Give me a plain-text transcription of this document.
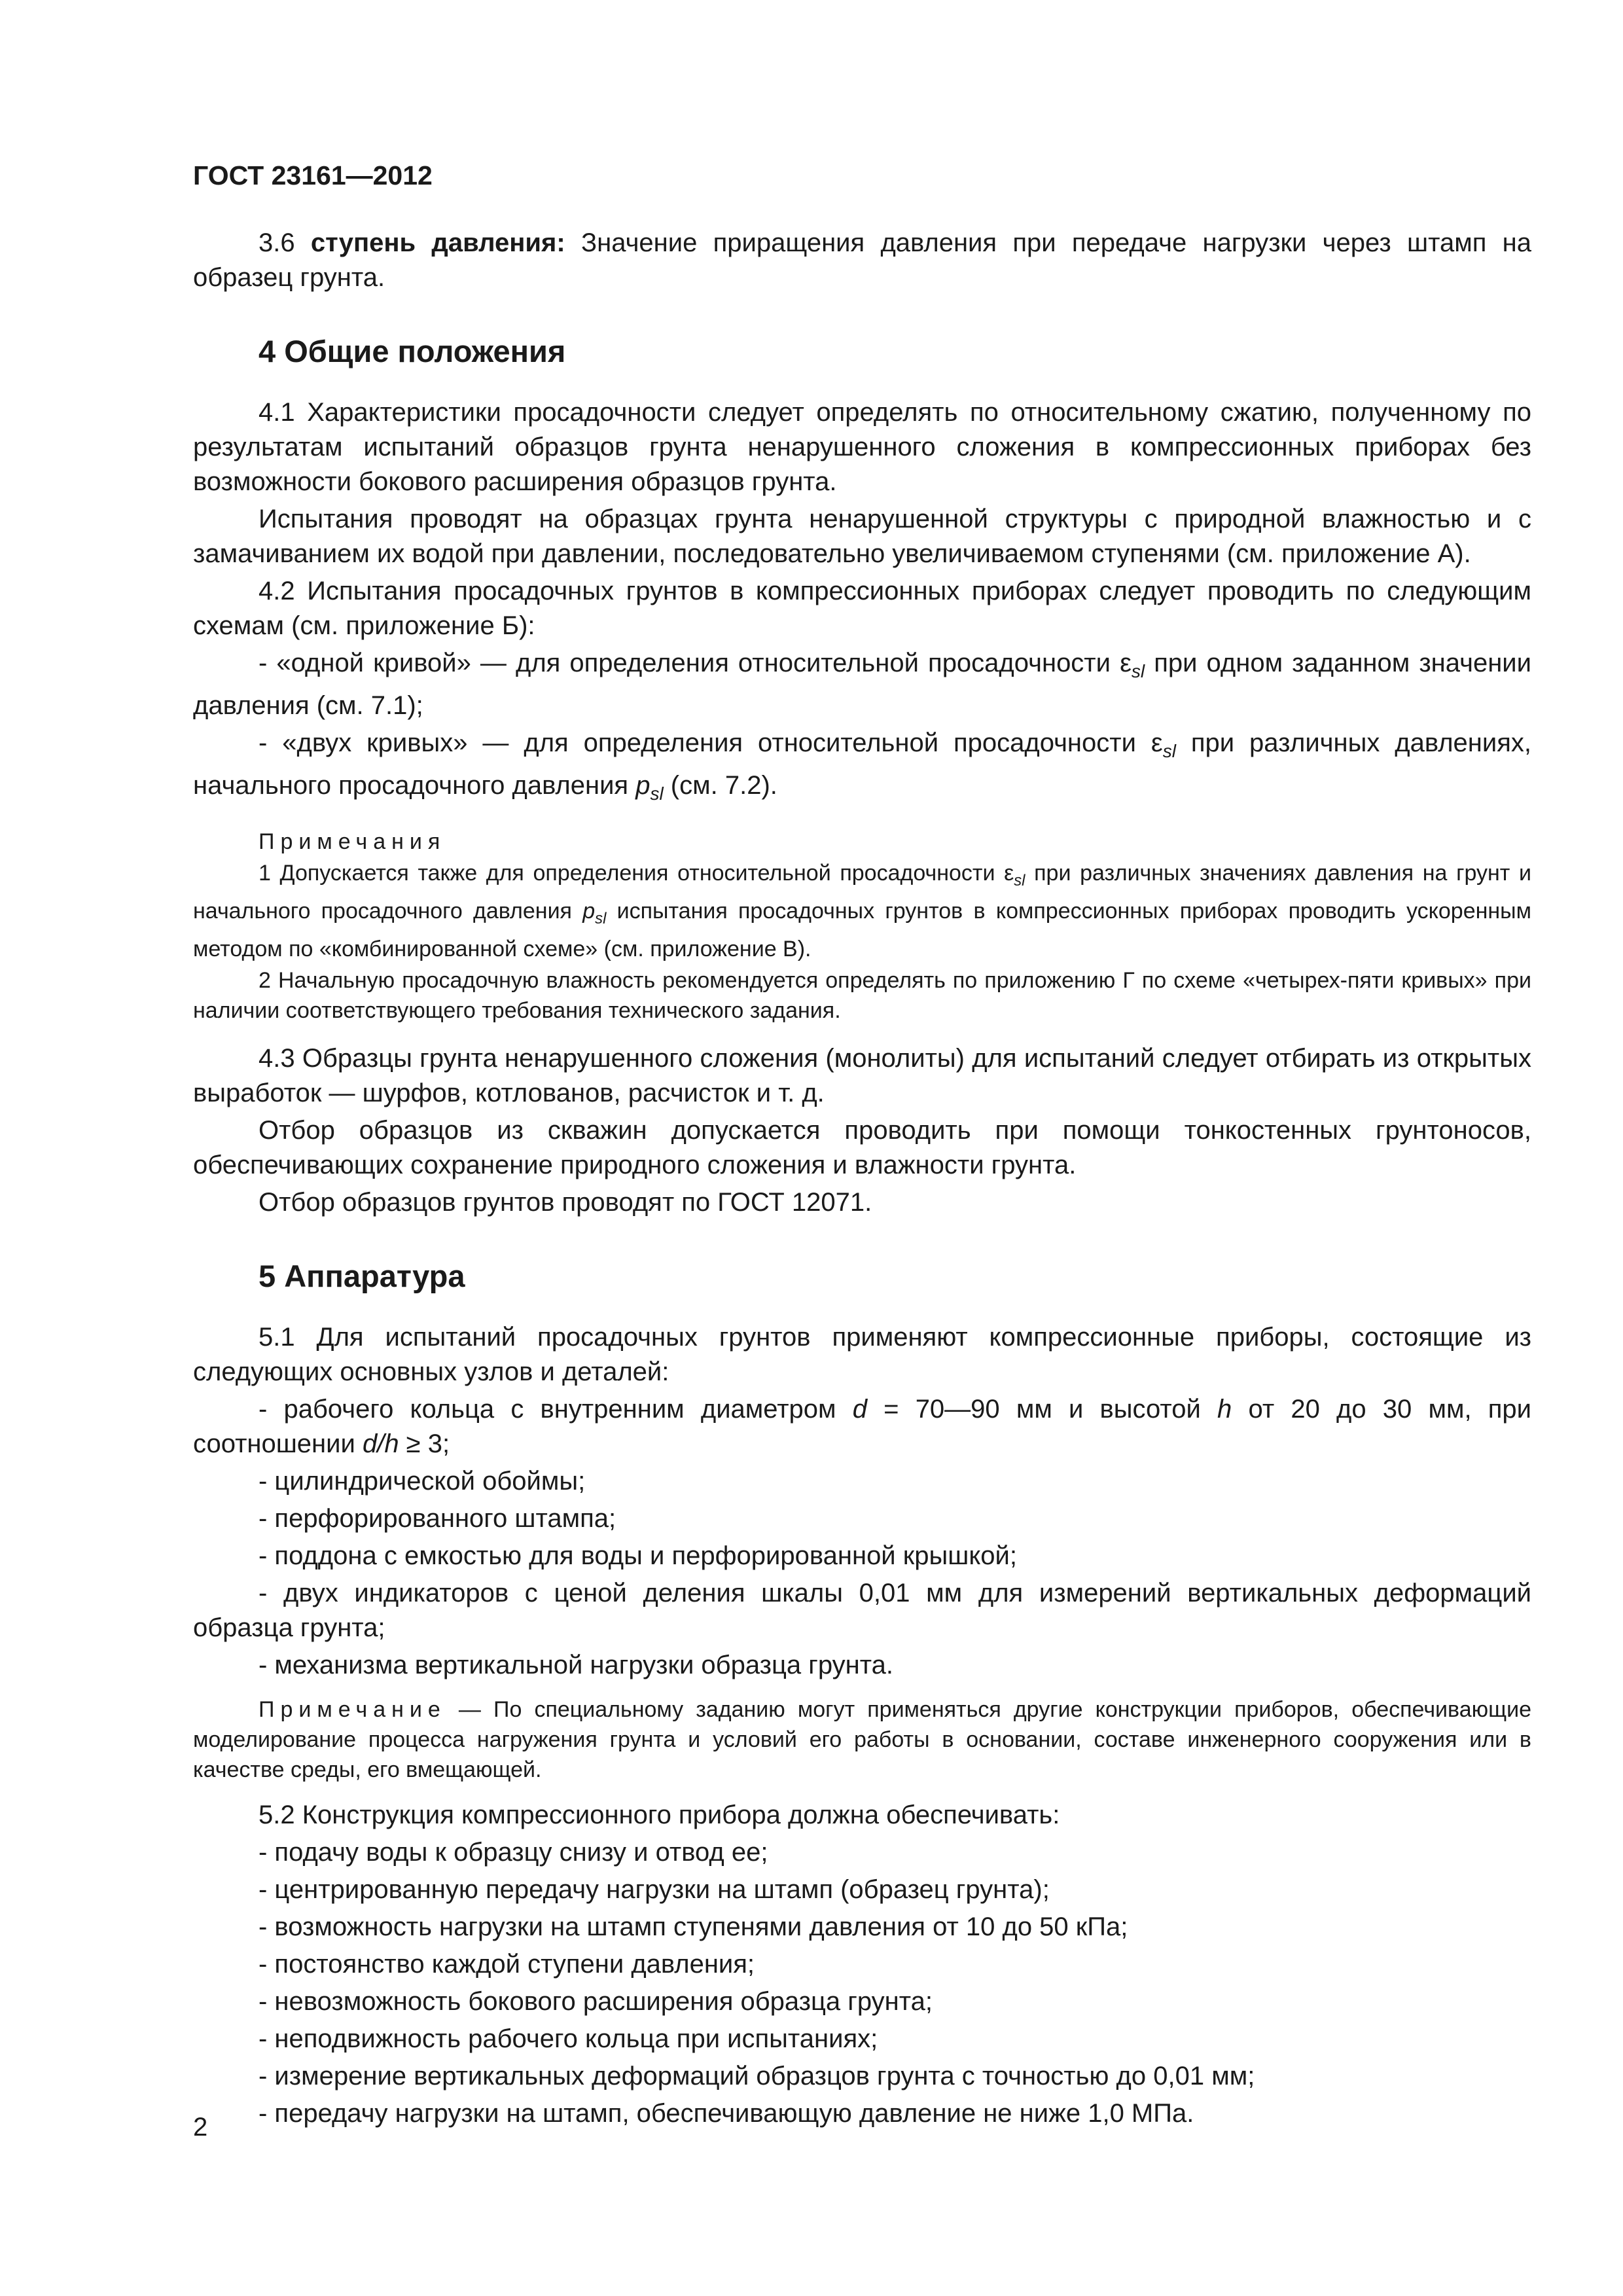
ГОСТ 23161—2012

3.6 ступень давления: Значение приращения давления при передаче нагрузки через штамп на образец грунта.

4 Общие положения

4.1 Характеристики просадочности следует определять по относительному сжатию, полученному по результатам испытаний образцов грунта ненарушенного сложения в компрессионных приборах без возможности бокового расширения образцов грунта.

Испытания проводят на образцах грунта ненарушенной структуры с природной влажностью и с замачиванием их водой при давлении, последовательно увеличиваемом ступенями (см. приложение А).

4.2 Испытания просадочных грунтов в компрессионных приборах следует проводить по следующим схемам (см. приложение Б):

- «одной кривой» — для определения относительной просадочности $\varepsilon_{sl}$ при одном заданном значении давления (см. 7.1);

- «двух кривых» — для определения относительной просадочности $\varepsilon_{sl}$ при различных давлениях, начального просадочного давления $p_{sl}$ (см. 7.2).

Примечания

1 Допускается также для определения относительной просадочности $\varepsilon_{sl}$ при различных значениях давления на грунт и начального просадочного давления $p_{sl}$ испытания просадочных грунтов в компрессионных приборах проводить ускоренным методом по «комбинированной схеме» (см. приложение В).

2 Начальную просадочную влажность рекомендуется определять по приложению Г по схеме «четырех-пяти кривых» при наличии соответствующего требования технического задания.

4.3 Образцы грунта ненарушенного сложения (монолиты) для испытаний следует отбирать из открытых выработок — шурфов, котлованов, расчисток и т. д.

Отбор образцов из скважин допускается проводить при помощи тонкостенных грунтоносов, обеспечивающих сохранение природного сложения и влажности грунта.

Отбор образцов грунтов проводят по ГОСТ 12071.

5 Аппаратура

5.1 Для испытаний просадочных грунтов применяют компрессионные приборы, состоящие из следующих основных узлов и деталей:

- рабочего кольца с внутренним диаметром d = 70—90 мм и высотой h от 20 до 30 мм, при соотношении d/h ≥ 3;

- цилиндрической обоймы;

- перфорированного штампа;

- поддона с емкостью для воды и перфорированной крышкой;

- двух индикаторов с ценой деления шкалы 0,01 мм для измерений вертикальных деформаций образца грунта;

- механизма вертикальной нагрузки образца грунта.

Примечание — По специальному заданию могут применяться другие конструкции приборов, обеспечивающие моделирование процесса нагружения грунта и условий его работы в основании, составе инженерного сооружения или в качестве среды, его вмещающей.

5.2 Конструкция компрессионного прибора должна обеспечивать:

- подачу воды к образцу снизу и отвод ее;

- центрированную передачу нагрузки на штамп (образец грунта);

- возможность нагрузки на штамп ступенями давления от 10 до 50 кПа;

- постоянство каждой ступени давления;

- невозможность бокового расширения образца грунта;

- неподвижность рабочего кольца при испытаниях;

- измерение вертикальных деформаций образцов грунта с точностью до 0,01 мм;

- передачу нагрузки на штамп, обеспечивающую давление не ниже 1,0 МПа.

2
